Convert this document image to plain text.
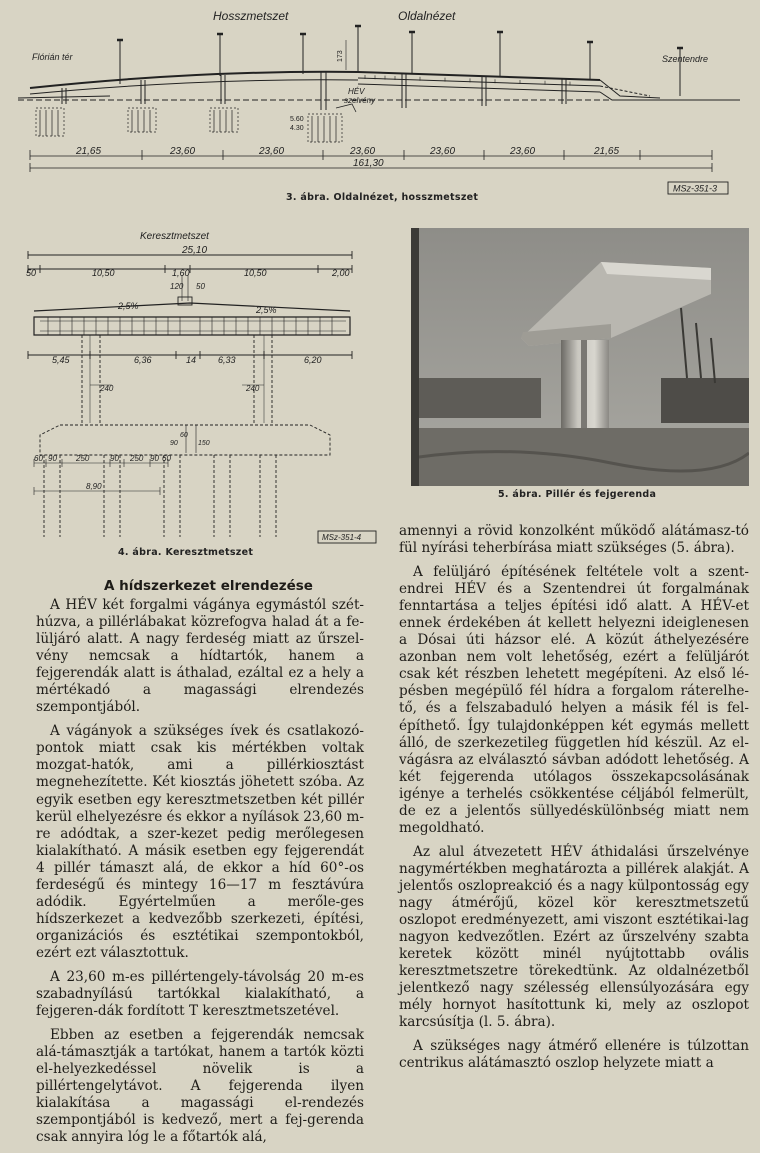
Hosszmetszet	Oldalnézet
Flórián tér	Szentendre
HÉV
szelvény
173
5.60
4.30
21,65	23,60	23,60	23,60	23,60	23,60	21,65
161,30
MSz-351-3
3. ábra. Oldalnézet, hosszmetszet
Keresztmetszet
25,10
50	10,50	1,60	10,50	2,00
120 50
2,5%	2,5%
5,45	6,36	14 6,33	6,20
240	240
90
60
150
60 90 250	90 250 90 60
8,90
MSz-351-4
4. ábra. Keresztmetszet
5. ábra. Pillér és fejgerenda
A hídszerkezet elrendezése

A HÉV két forgalmi vágánya egymástól szét-húzva, a pillérlábakat közrefogva halad át a fe-lüljáró alatt. A nagy ferdeség miatt az űrszel-vény nemcsak a hídtartók, hanem a fejgerendák alatt is áthalad, ezáltal ez a hely a mértékadó a magassági elrendezés szempontjából.

A vágányok a szükséges ívek és csatlakozó-pontok miatt csak kis mértékben voltak mozgat-hatók, ami a pillérkiosztást megnehezítette. Két kiosztás jöhetett szóba. Az egyik esetben egy keresztmetszetben két pillér kerül elhelyezésre és ekkor a nyílások 23,60 m-re adódtak, a szer-kezet pedig merőlegesen kialakítható. A másik esetben egy fejgerendát 4 pillér támaszt alá, de ekkor a híd 60°-os ferdeségű és mintegy 16—17 m fesztávúra adódik. Egyértelműen a merőle-ges hídszerkezet a kedvezőbb szerkezeti, építési, organizációs és esztétikai szempontokból, ezért ezt választottuk.

A 23,60 m-es pillértengely-távolság 20 m-es szabadnyílású tartókkal kialakítható, a fejgeren-dák fordított T keresztmetszetével.

Ebben az esetben a fejgerendák nemcsak alá-támasztják a tartókat, hanem a tartók közti el-helyezkedéssel növelik is a pillértengelytávot. A fejgerenda ilyen kialakítása a magassági el-rendezés szempontjából is kedvező, mert a fej-gerenda csak annyira lóg le a főtartók alá,

amennyi a rövid konzolként működő alátámasz-tó fül nyírási teherbírása miatt szükséges (5. ábra).

A felüljáró építésének feltétele volt a szent-endrei HÉV és a Szentendrei út forgalmának fenntartása a teljes építési idő alatt. A HÉV-et ennek érdekében át kellett helyezni ideiglenesen a Dósai úti házsor elé. A közút áthelyezésére azonban nem volt lehetőség, ezért a felüljárót csak két részben lehetett megépíteni. Az első lé-pésben megépülő fél hídra a forgalom ráterelhe-tő, és a felszabaduló helyen a másik fél is fel-építhető. Így tulajdonképpen két egymás mellett álló, de szerkezetileg független híd készül. Az el-vágásra az elválasztó sávban adódott lehetőség. A két fejgerenda utólagos összekapcsolásának igénye a terhelés csökkentése céljából felmerült, de ez a jelentős süllyedéskülönbség miatt nem megoldható.

Az alul átvezetett HÉV áthidalási űrszelvénye nagymértékben meghatározta a pillérek alakját. A jelentős oszlopreakció és a nagy külpontosság egy nagy átmérőjű, közel kör keresztmetszetű oszlopot eredményezett, ami viszont esztétikai-lag nagyon kedvezőtlen. Ezért az űrszelvény szabta keretek között minél nyújtottabb ovális keresztmetszetre törekedtünk. Az oldalnézetből jelentkező nagy szélesség ellensúlyozására egy mély hornyot hasítottunk ki, mely az oszlopot karcsúsítja (l. 5. ábra).

A szükséges nagy átmérő ellenére is túlzottan centrikus alátámasztó oszlop helyzete miatt a
